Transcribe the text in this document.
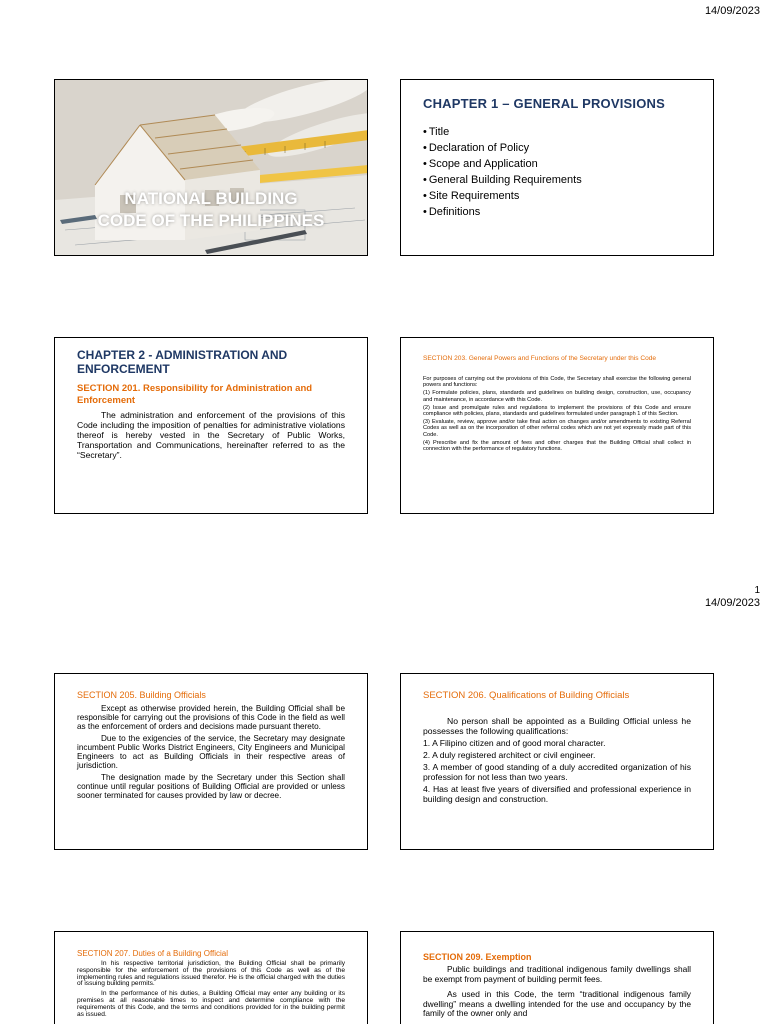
14/09/2023
NATIONAL BUILDING
CODE OF THE PHILIPPINES
CHAPTER 1 – GENERAL PROVISIONS
• Title
• Declaration of Policy
• Scope and Application
• General Building Requirements
• Site Requirements
• Definitions
CHAPTER 2 - ADMINISTRATION AND ENFORCEMENT
SECTION 201. Responsibility for Administration and Enforcement
The administration and enforcement of the provisions of this Code including the imposition of penalties for administrative violations thereof is hereby vested in the Secretary of Public Works, Transportation and Communications, hereinafter referred to as the “Secretary”.
SECTION 203. General Powers and Functions of the Secretary under this Code

For purposes of carrying out the provisions of this Code, the Secretary shall exercise the following general powers and functions:

(1) Formulate policies, plans, standards and guidelines on building design, construction, use, occupancy and maintenance, in accordance with this Code.

(2) Issue and promulgate rules and regulations to implement the provisions of this Code and ensure compliance with policies, plans, standards and guidelines formulated under paragraph 1 of this Section.

(3) Evaluate, review, approve and/or take final action on changes and/or amendments to existing Referral Codes as well as on the incorporation of other referral codes which are not yet expressly made part of this Code.

(4) Prescribe and fix the amount of fees and other charges that the Building Official shall collect in connection with the performance of regulatory functions.

1
14/09/2023
SECTION 205. Building Officials

Except as otherwise provided herein, the Building Official shall be responsible for carrying out the provisions of this Code in the field as well as the enforcement of orders and decisions made pursuant thereto.

Due to the exigencies of the service, the Secretary may designate incumbent Public Works District Engineers, City Engineers and Municipal Engineers to act as Building Officials in their respective areas of jurisdiction.

The designation made by the Secretary under this Section shall continue until regular positions of Building Official are provided or unless sooner terminated for causes provided by law or decree.

SECTION 206. Qualifications of Building Officials

No person shall be appointed as a Building Official unless he possesses the following qualifications:

1. A Filipino citizen and of good moral character.

2. A duly registered architect or civil engineer.

3. A member of good standing of a duly accredited organization of his profession for not less than two years.

4. Has at least five years of diversified and professional experience in building design and construction.

SECTION 207. Duties of a Building Official

In his respective territorial jurisdiction, the Building Official shall be primarily responsible for the enforcement of the provisions of this Code as well as of the implementing rules and regulations issued therefor. He is the official charged with the duties of issuing building permits.

In the performance of his duties, a Building Official may enter any building or its premises at all reasonable times to inspect and determine compliance with the requirements of this Code, and the terms and conditions provided for in the building permit as issued.

SECTION 209. Exemption

Public buildings and traditional indigenous family dwellings shall be exempt from payment of building permit fees.

As used in this Code, the term “traditional indigenous family dwelling” means a dwelling intended for the use and occupancy by the family of the owner only and
